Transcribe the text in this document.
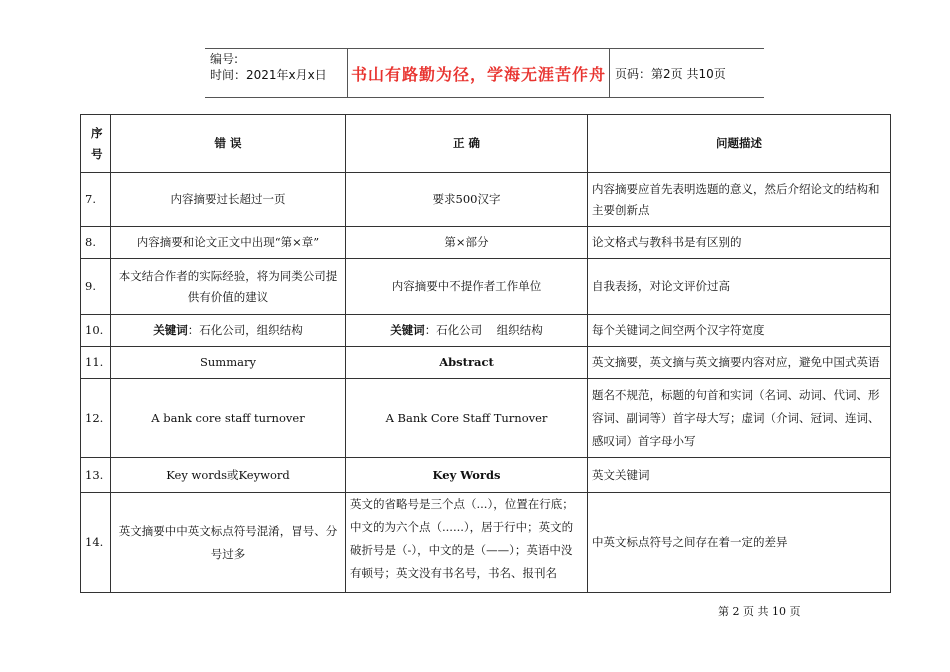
编号:
时间：2021年x月x日 书山有路勤为径，学海无涯苦作舟 页码：第2页 共10页
序号	错 误	正 确	问题描述
7.	内容摘要过长超过一页	要求500汉字	内容摘要应首先表明选题的意义，然后介绍论文的结构和主要创新点
8.	内容摘要和论文正文中出现“第×章”	第×部分	论文格式与教科书是有区别的
9.	本文结合作者的实际经验，将为同类公司提供有价值的建议	内容摘要中不提作者工作单位	自我表扬，对论文评价过高
10.	关键词：石化公司，组织结构	关键词：石化公司    组织结构	每个关键词之间空两个汉字符宽度
11.	Summary	Abstract	英文摘要，英文摘与英文摘要内容对应，避免中国式英语
12.	A bank core staff turnover	A Bank Core Staff Turnover	题名不规范，标题的句首和实词（名词、动词、代词、形容词、副词等）首字母大写；虚词（介词、冠词、连词、感叹词）首字母小写
13.	Key words或Keyword	Key Words	英文关键词
14.	英文摘要中中英文标点符号混淆，冒号、分号过多	英文的省略号是三个点（...），位置在行底；中文的为六个点（......），居于行中；英文的破折号是（-），中文的是（——）；英语中没有顿号；英文没有书名号，书名、报刊名	中英文标点符号之间存在着一定的差异
第 2 页 共 10 页
